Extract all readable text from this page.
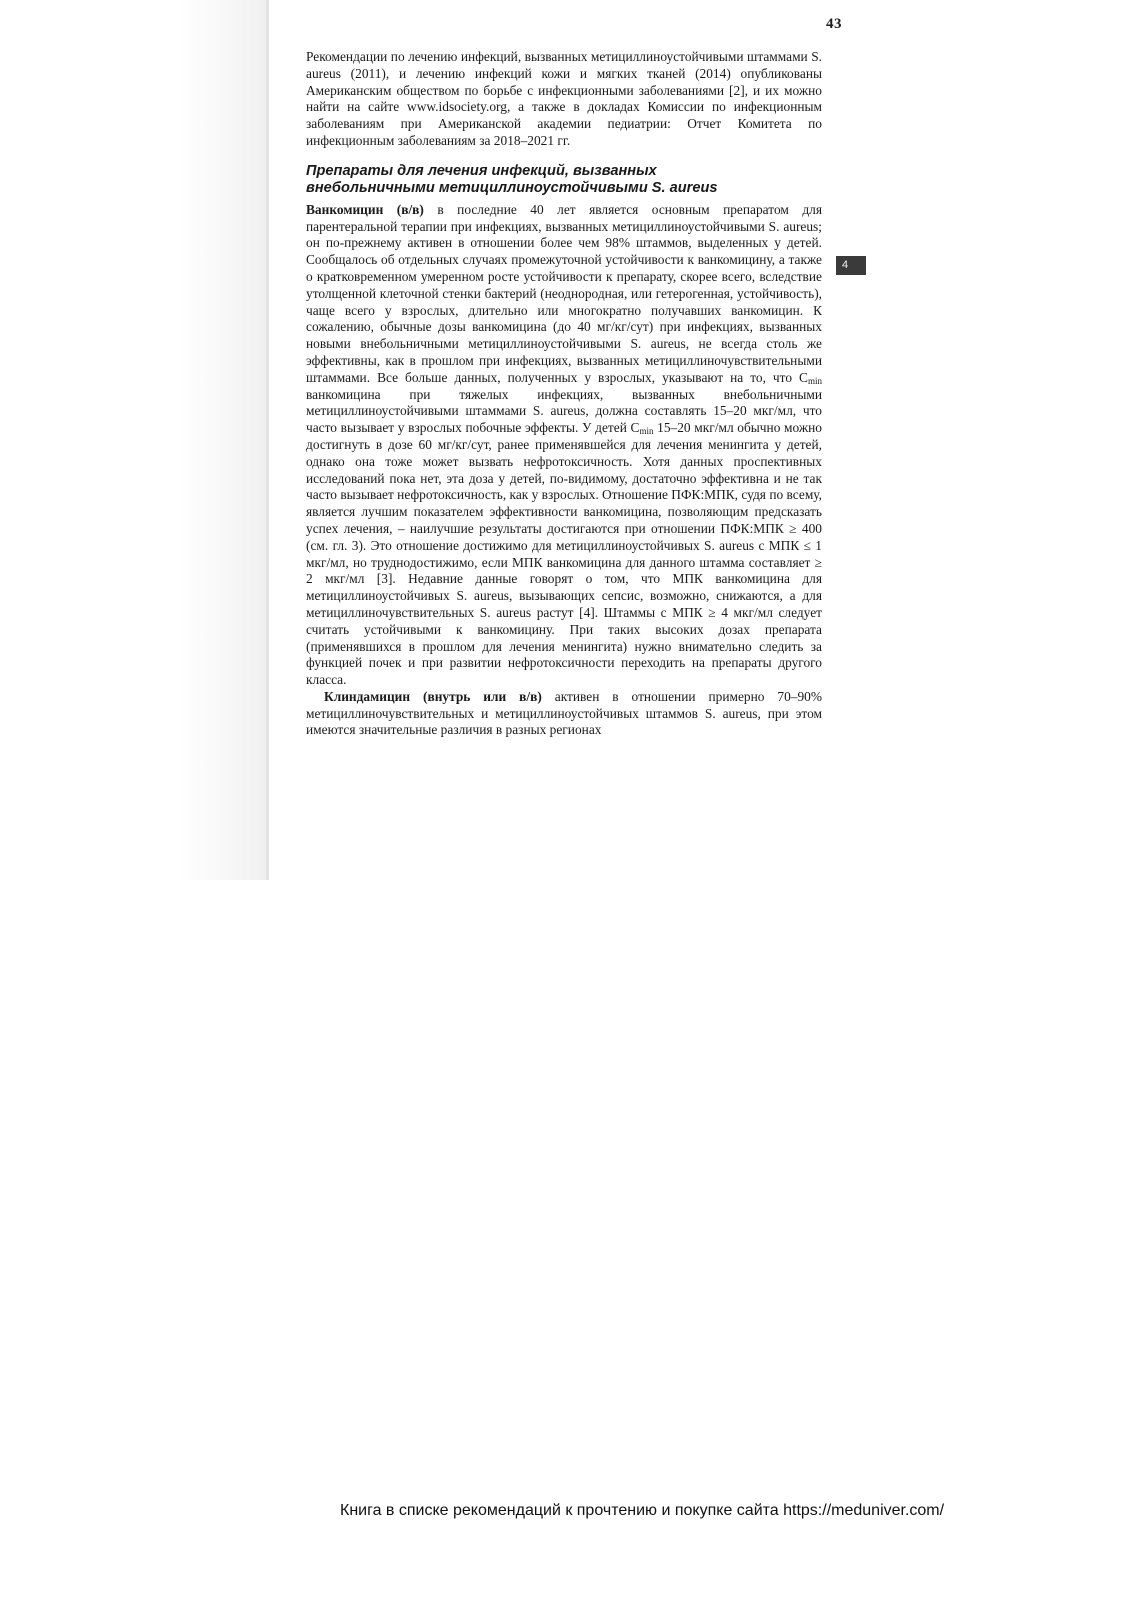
43
4

Рекомендации по лечению инфекций, вызванных метициллиноустойчивыми штаммами S. aureus (2011), и лечению инфекций кожи и мягких тканей (2014) опубликованы Американским обществом по борьбе с инфекционными заболеваниями [2], и их можно найти на сайте www.idsociety.org, а также в докладах Комиссии по инфекционным заболеваниям при Американской академии педиатрии: Отчет Комитета по инфекционным заболеваниям за 2018–2021 гг.

Препараты для лечения инфекций, вызванных
внебольничными метициллиноустойчивыми S. aureus

Ванкомицин (в/в) в последние 40 лет является основным препаратом для парентеральной терапии при инфекциях, вызванных метициллиноустойчивыми S. aureus; он по-прежнему активен в отношении более чем 98% штаммов, выделенных у детей. Сообщалось об отдельных случаях промежуточной устойчивости к ванкомицину, а также о кратковременном умеренном росте устойчивости к препарату, скорее всего, вследствие утолщенной клеточной стенки бактерий (неоднородная, или гетерогенная, устойчивость), чаще всего у взрослых, длительно или многократно получавших ванкомицин. К сожалению, обычные дозы ванкомицина (до 40 мг/кг/сут) при инфекциях, вызванных новыми внебольничными метициллиноустойчивыми S. aureus, не всегда столь же эффективны, как в прошлом при инфекциях, вызванных метициллиночувствительными штаммами. Все больше данных, полученных у взрослых, указывают на то, что $C_{min}$ ванкомицина при тяжелых инфекциях, вызванных внебольничными метициллиноустойчивыми штаммами S. aureus, должна составлять 15–20 мкг/мл, что часто вызывает у взрослых побочные эффекты. У детей $C_{min}$ 15–20 мкг/мл обычно можно достигнуть в дозе 60 мг/кг/сут, ранее применявшейся для лечения менингита у детей, однако она тоже может вызвать нефротоксичность. Хотя данных проспективных исследований пока нет, эта доза у детей, по-видимому, достаточно эффективна и не так часто вызывает нефротоксичность, как у взрослых. Отношение ПФК:МПК, судя по всему, является лучшим показателем эффективности ванкомицина, позволяющим предсказать успех лечения, – наилучшие результаты достигаются при отношении ПФК:МПК ≥ 400 (см. гл. 3). Это отношение достижимо для метициллиноустойчивых S. aureus с МПК ≤ 1 мкг/мл, но труднодостижимо, если МПК ванкомицина для данного штамма составляет ≥ 2 мкг/мл [3]. Недавние данные говорят о том, что МПК ванкомицина для метициллиноустойчивых S. aureus, вызывающих сепсис, возможно, снижаются, а для метициллиночувствительных S. aureus растут [4]. Штаммы с МПК ≥ 4 мкг/мл следует считать устойчивыми к ванкомицину. При таких высоких дозах препарата (применявшихся в прошлом для лечения менингита) нужно внимательно следить за функцией почек и при развитии нефротоксичности переходить на препараты другого класса.

Клиндамицин (внутрь или в/в) активен в отношении примерно 70–90% метициллиночувствительных и метициллиноустойчивых штаммов S. aureus, при этом имеются значительные различия в разных регионах

Книга в списке рекомендаций к прочтению и покупке сайта https://meduniver.com/
